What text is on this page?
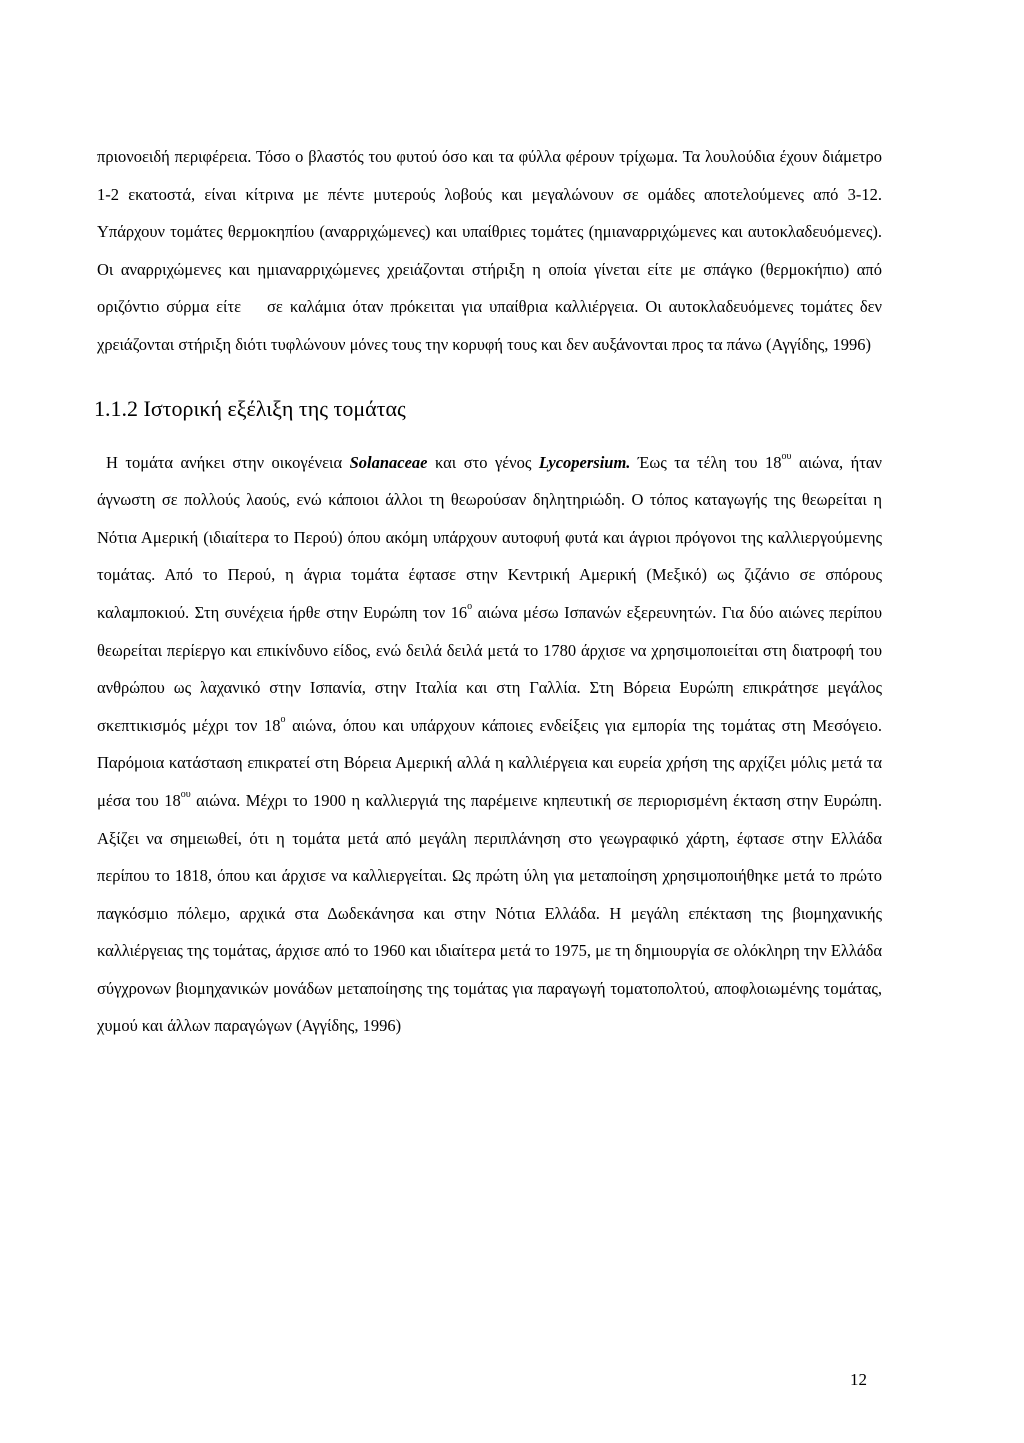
πριονοειδή περιφέρεια. Τόσο ο βλαστός του φυτού όσο και τα φύλλα φέρουν τρίχωμα. Τα λουλούδια έχουν διάμετρο 1-2 εκατοστά, είναι κίτρινα με πέντε μυτερούς λοβούς και μεγαλώνουν σε ομάδες αποτελούμενες από 3-12. Υπάρχουν τομάτες θερμοκηπίου (αναρριχώμενες) και υπαίθριες τομάτες (ημιαναρριχώμενες και αυτοκλαδευόμενες). Οι αναρριχώμενες και ημιαναρριχώμενες χρειάζονται στήριξη η οποία γίνεται είτε με σπάγκο (θερμοκήπιο) από οριζόντιο σύρμα είτε σε καλάμια όταν πρόκειται για υπαίθρια καλλιέργεια. Οι αυτοκλαδευόμενες τομάτες δεν χρειάζονται στήριξη διότι τυφλώνουν μόνες τους την κορυφή τους και δεν αυξάνονται προς τα πάνω (Αγγίδης, 1996)

1.1.2 Ιστορική εξέλιξη της τομάτας

Η τομάτα ανήκει στην οικογένεια Solanaceae και στο γένος Lycopersium. Έως τα τέλη του $18^{o\upsilon}$ αιώνα, ήταν άγνωστη σε πολλούς λαούς, ενώ κάποιοι άλλοι τη θεωρούσαν δηλητηριώδη. Ο τόπος καταγωγής της θεωρείται η Νότια Αμερική (ιδιαίτερα το Περού) όπου ακόμη υπάρχουν αυτοφυή φυτά και άγριοι πρόγονοι της καλλιεργούμενης τομάτας. Από το Περού, η άγρια τομάτα έφτασε στην Κεντρική Αμερική (Μεξικό) ως ζιζάνιο σε σπόρους καλαμποκιού. Στη συνέχεια ήρθε στην Ευρώπη τον $16^o$ αιώνα μέσω Ισπανών εξερευνητών. Για δύο αιώνες περίπου θεωρείται περίεργο και επικίνδυνο είδος, ενώ δειλά δειλά μετά το 1780 άρχισε να χρησιμοποιείται στη διατροφή του ανθρώπου ως λαχανικό στην Ισπανία, στην Ιταλία και στη Γαλλία. Στη Βόρεια Ευρώπη επικράτησε μεγάλος σκεπτικισμός μέχρι τον $18^o$ αιώνα, όπου και υπάρχουν κάποιες ενδείξεις για εμπορία της τομάτας στη Μεσόγειο. Παρόμοια κατάσταση επικρατεί στη Βόρεια Αμερική αλλά η καλλιέργεια και ευρεία χρήση της αρχίζει μόλις μετά τα μέσα του $18^{o\upsilon}$ αιώνα. Μέχρι το 1900 η καλλιεργιά της παρέμεινε κηπευτική σε περιορισμένη έκταση στην Ευρώπη. Αξίζει να σημειωθεί, ότι η τομάτα μετά από μεγάλη περιπλάνηση στο γεωγραφικό χάρτη, έφτασε στην Ελλάδα περίπου το 1818, όπου και άρχισε να καλλιεργείται. Ως πρώτη ύλη για μεταποίηση χρησιμοποιήθηκε μετά το πρώτο παγκόσμιο πόλεμο, αρχικά στα Δωδεκάνησα και στην Νότια Ελλάδα. Η μεγάλη επέκταση της βιομηχανικής καλλιέργειας της τομάτας, άρχισε από το 1960 και ιδιαίτερα μετά το 1975, με τη δημιουργία σε ολόκληρη την Ελλάδα σύγχρονων βιομηχανικών μονάδων μεταποίησης της τομάτας για παραγωγή τοματοπολτού, αποφλοιωμένης τομάτας, χυμού και άλλων παραγώγων (Αγγίδης, 1996)

12
